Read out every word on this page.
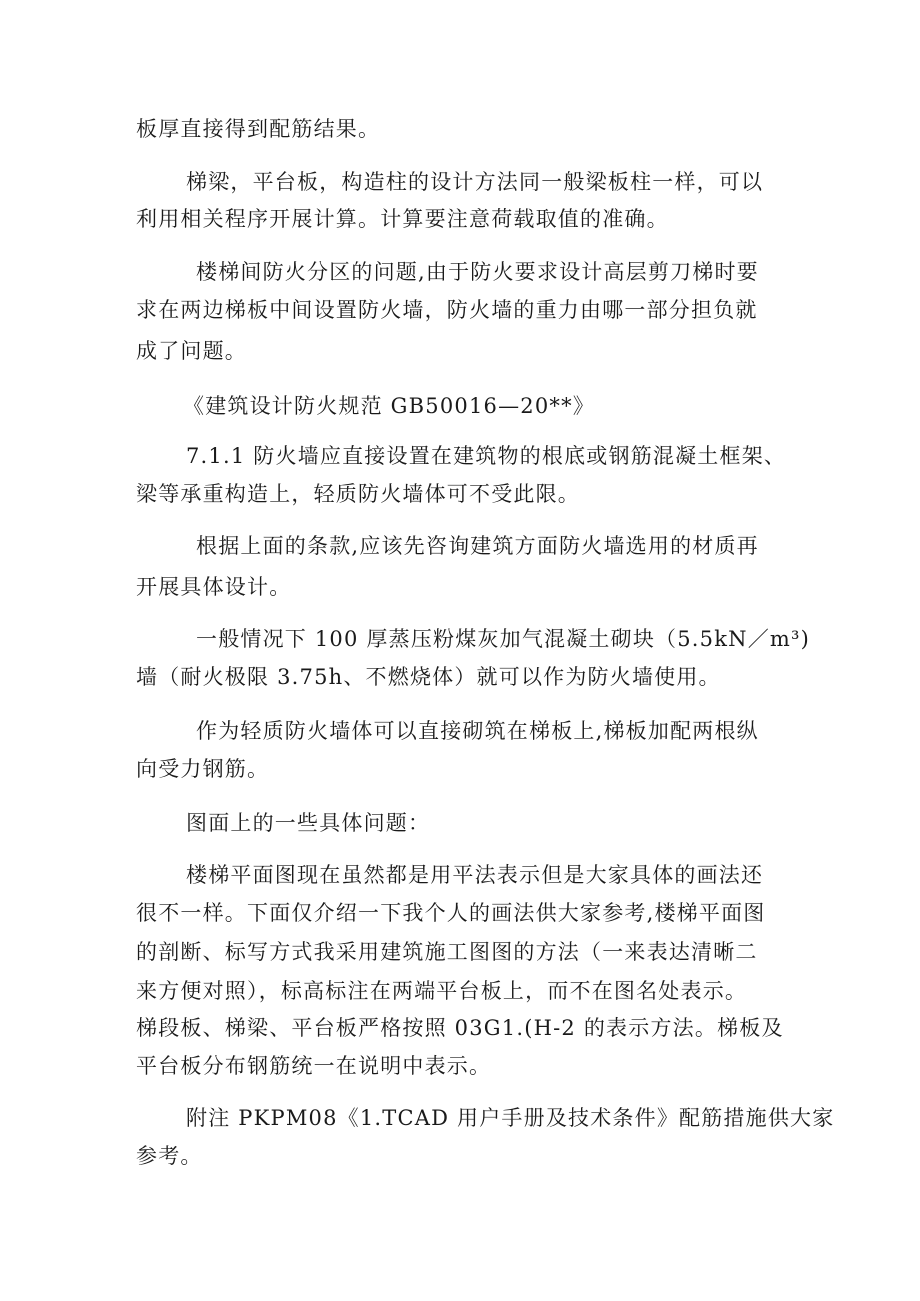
板厚直接得到配筋结果。
梯梁，平台板，构造柱的设计方法同一般梁板柱一样，可以
利用相关程序开展计算。计算要注意荷载取值的准确。
楼梯间防火分区的问题,由于防火要求设计高层剪刀梯时要
求在两边梯板中间设置防火墙，防火墙的重力由哪一部分担负就
成了问题。
《建筑设计防火规范 GB50016—20**》
7.1.1 防火墙应直接设置在建筑物的根底或钢筋混凝土框架、
梁等承重构造上，轻质防火墙体可不受此限。
根据上面的条款,应该先咨询建筑方面防火墙选用的材质再
开展具体设计。
一般情况下 100 厚蒸压粉煤灰加气混凝土砌块（5.5kN／m³)
墙（耐火极限 3.75h、不燃烧体）就可以作为防火墙使用。
作为轻质防火墙体可以直接砌筑在梯板上,梯板加配两根纵
向受力钢筋。
图面上的一些具体问题：
楼梯平面图现在虽然都是用平法表示但是大家具体的画法还
很不一样。下面仅介绍一下我个人的画法供大家参考,楼梯平面图
的剖断、标写方式我采用建筑施工图图的方法（一来表达清晰二
来方便对照），标高标注在两端平台板上，而不在图名处表示。
梯段板、梯梁、平台板严格按照 03G1.(H-2 的表示方法。梯板及
平台板分布钢筋统一在说明中表示。
附注 PKPM08《1.TCAD 用户手册及技术条件》配筋措施供大家
参考。
